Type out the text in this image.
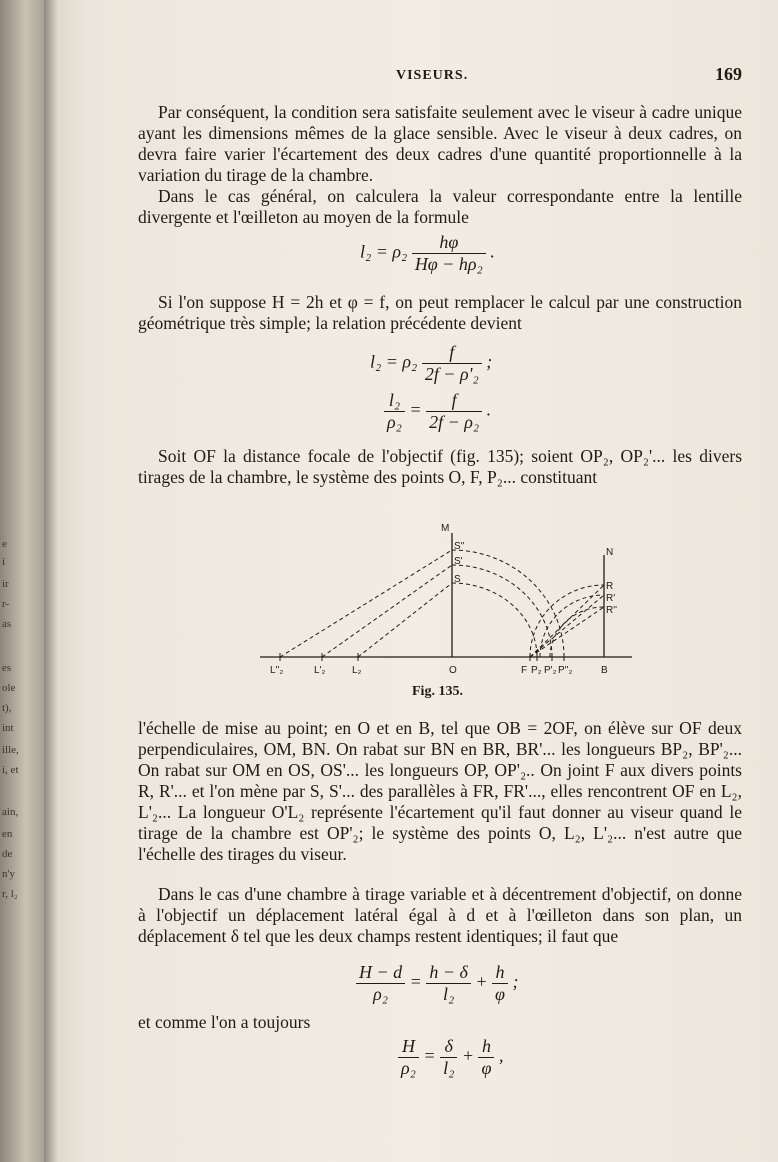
e
i
ir
r-
as
es
ole
t),
int
ille,
i, et
ain,
en
de
n'y
r, l₂
VISEURS.	169

Par conséquent, la condition sera satisfaite seulement avec le viseur à cadre unique ayant les dimensions mêmes de la glace sensible. Avec le viseur à deux cadres, on devra faire varier l'écartement des deux cadres d'une quantité proportionnelle à la variation du tirage de la chambre.

Dans le cas général, on calculera la valeur correspondante entre la lentille divergente et l'œilleton au moyen de la formule

$l_2 = \rho_2 \frac{h\varphi}{\text{Hφ − hρ₂}}$ .

Si l'on suppose H = 2h et φ = f, on peut remplacer le calcul par une construction géométrique très simple; la relation précédente devient

$l_2 = \rho_2 \frac{f}{\text{2f − ρ'₂}}$ ;
$\frac{\text{l₂}}{\text{ρ₂}} = \frac{f}{\text{2f − ρ₂}}$ .

Soit OF la distance focale de l'objectif (fig. 135); soient OP₂, OP₂'... les divers tirages de la chambre, le système des points O, F, P₂... constituant

M
S''
S'
S
N
R
R'
R''
L''₂	L'₂	L₂	O	F P₂ P'₂ P''₂	B
Fig. 135.

l'échelle de mise au point; en O et en B, tel que OB = 2OF, on élève sur OF deux perpendiculaires, OM, BN. On rabat sur BN en BR, BR'... les longueurs BP₂, BP'₂... On rabat sur OM en OS, OS'... les longueurs OP, OP'₂.. On joint F aux divers points R, R'... et l'on mène par S, S'... des parallèles à FR, FR'..., elles rencontrent OF en L₂, L'₂... La longueur O'L₂ représente l'écartement qu'il faut donner au viseur quand le tirage de la chambre est OP'₂; le système des points O, L₂, L'₂... n'est autre que l'échelle des tirages du viseur.

Dans le cas d'une chambre à tirage variable et à décentrement d'objectif, on donne à l'objectif un déplacement latéral égal à d et à l'œilleton dans son plan, un déplacement δ tel que les deux champs restent identiques; il faut que

$\frac{H - d}{\text{ρ₂}} = \frac{h - \delta}{\text{l₂}} + \frac{h}{\varphi}$ ;

et comme l'on a toujours

$\frac{H}{\text{ρ₂}} = \frac{\delta}{\text{l₂}} + \frac{h}{\varphi}$ ,
